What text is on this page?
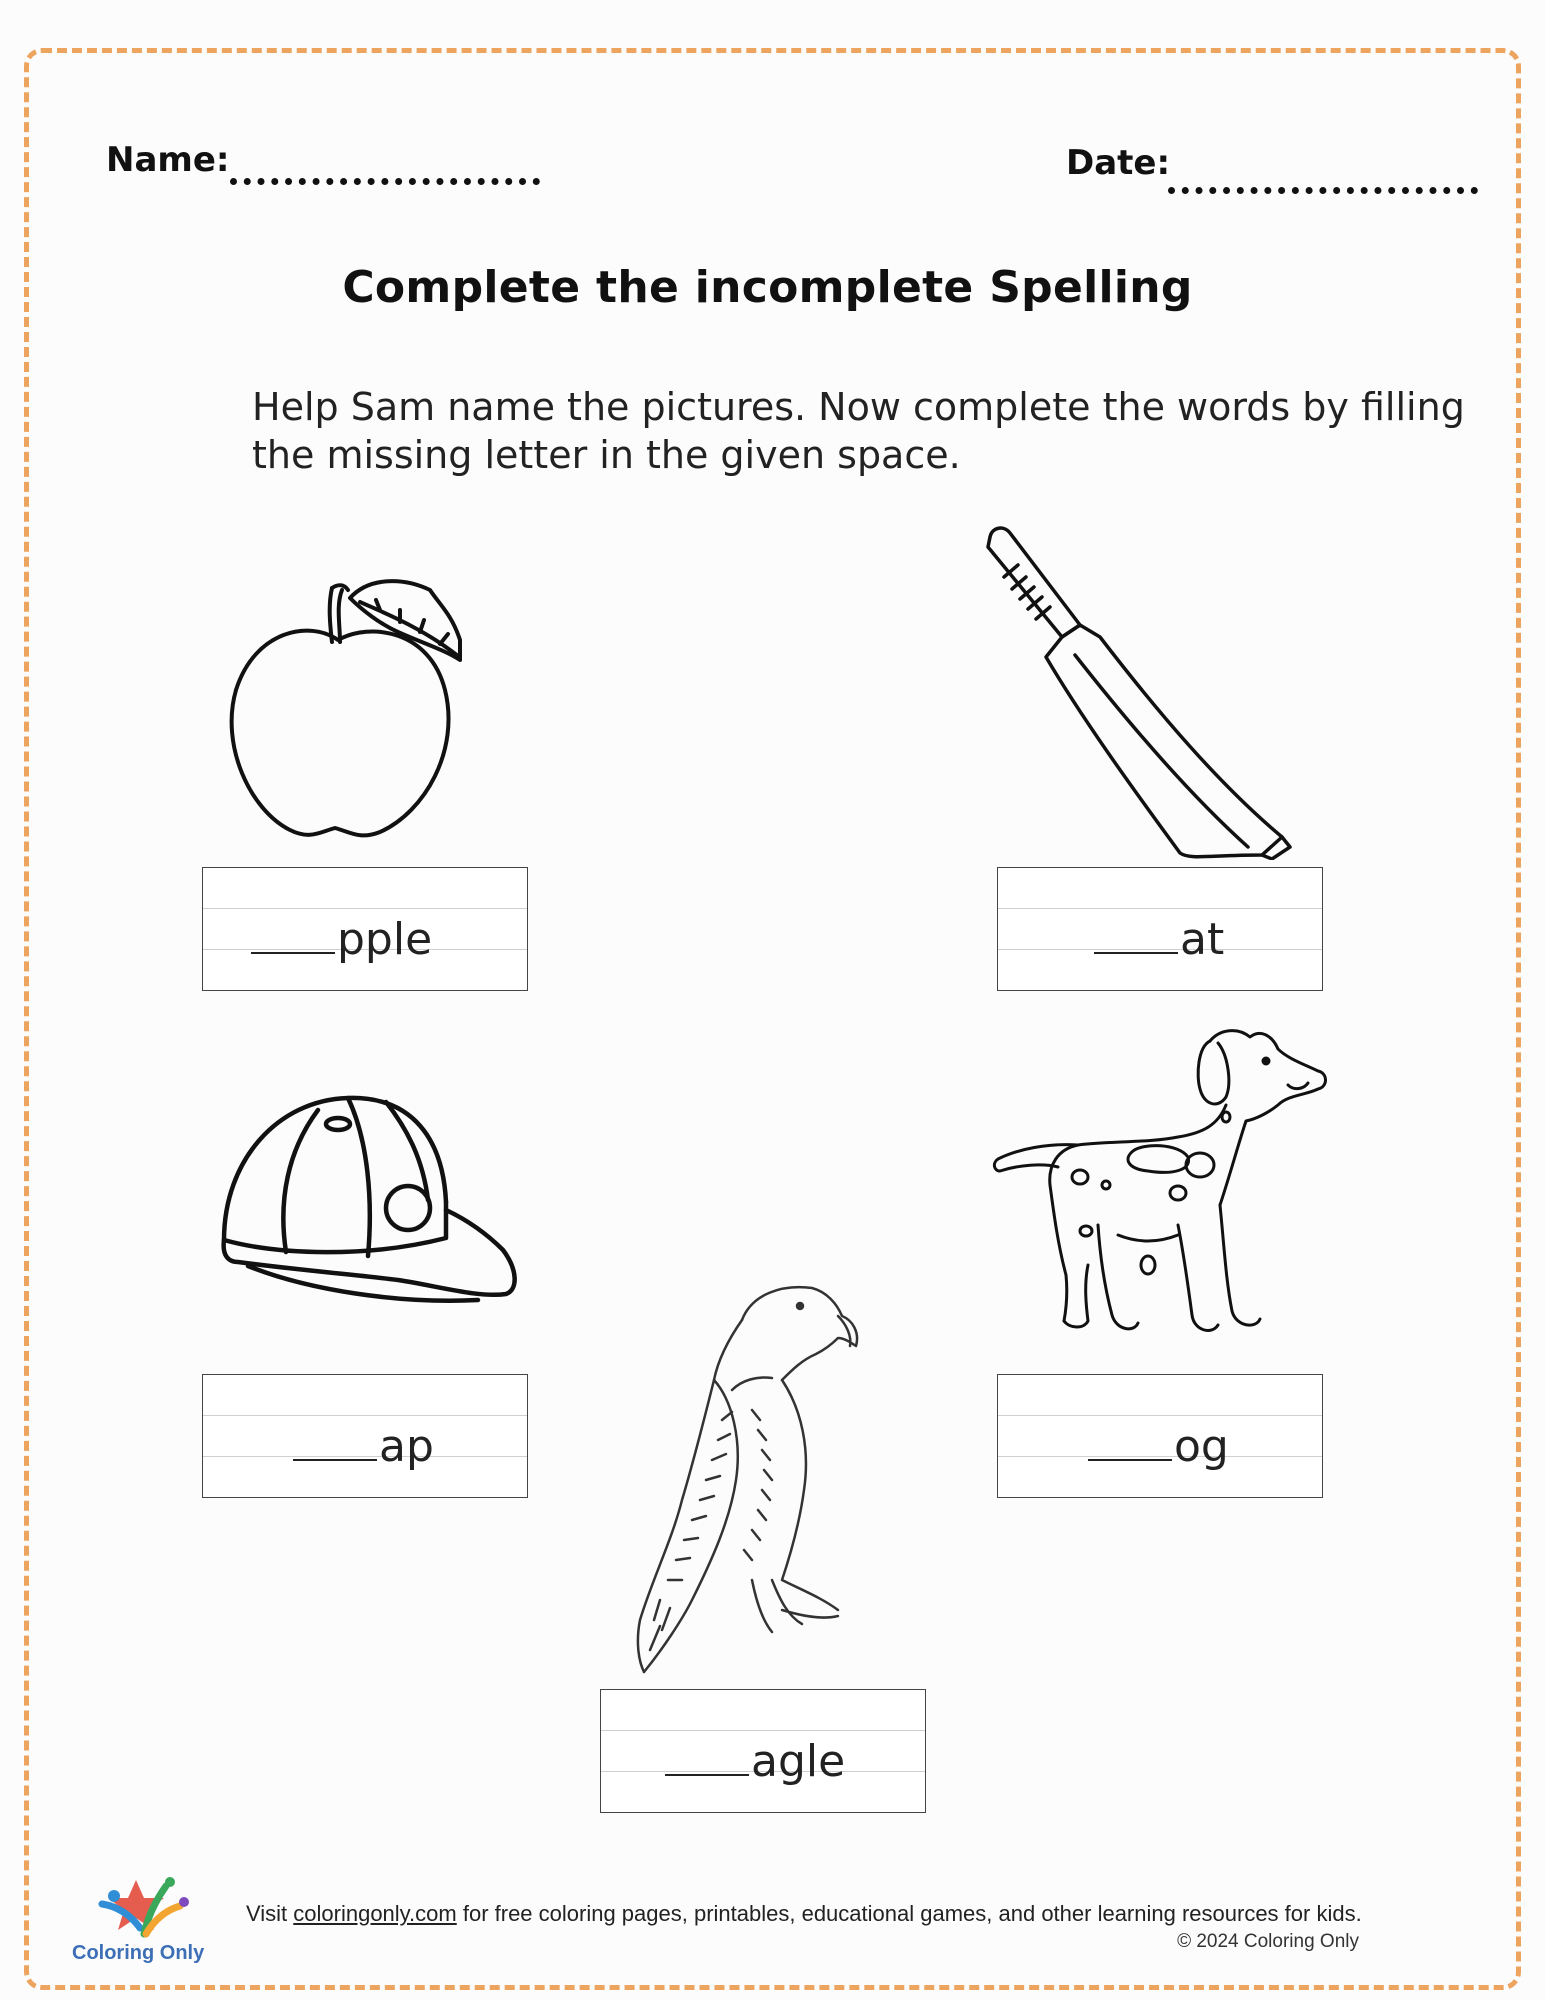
Name:	Date:
Complete the incomplete Spelling
Help Sam name the pictures. Now complete the words by filling the missing letter in the given space.
pple	at
ap	og
agle
Coloring Only
Visit coloringonly.com for free coloring pages, printables, educational games, and other learning resources for kids.
© 2024 Coloring Only
